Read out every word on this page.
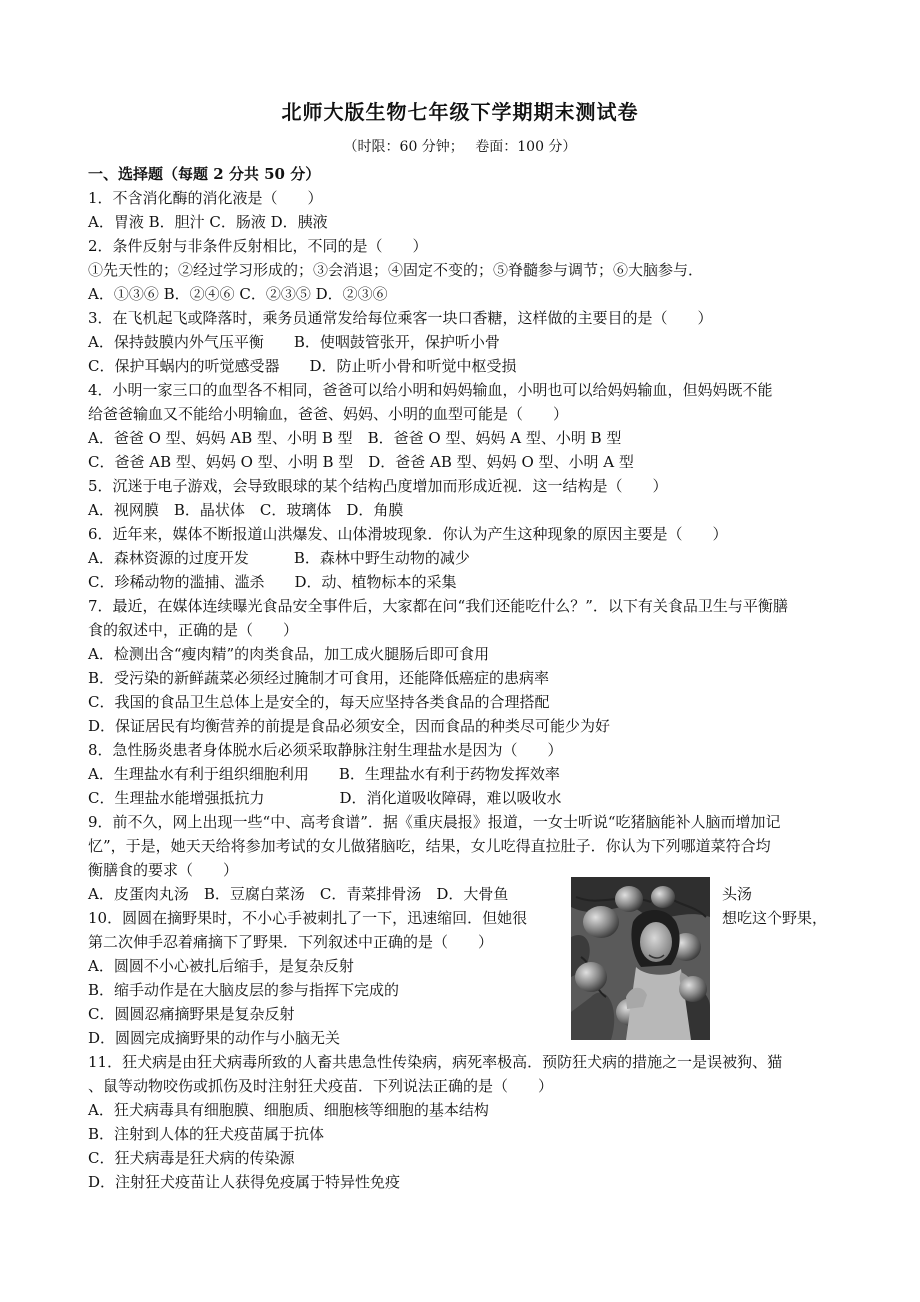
北师大版生物七年级下学期期末测试卷
（时限：60 分钟；　 卷面：100 分）
一、选择题（每题 2 分共 50 分）
1．不含消化酶的消化液是（　　）
A．胃液 B．胆汁 C．肠液 D．胰液
2．条件反射与非条件反射相比，不同的是（　　）
①先天性的；②经过学习形成的；③会消退；④固定不变的；⑤脊髓参与调节；⑥大脑参与．
A．①③⑥ B．②④⑥ C．②③⑤ D．②③⑥
3．在飞机起飞或降落时，乘务员通常发给每位乘客一块口香糖，这样做的主要目的是（　　）
A．保持鼓膜内外气压平衡　　B．使咽鼓管张开，保护听小骨
C．保护耳蜗内的听觉感受器　　D．防止听小骨和听觉中枢受损
4．小明一家三口的血型各不相同，爸爸可以给小明和妈妈输血，小明也可以给妈妈输血，但妈妈既不能
给爸爸输血又不能给小明输血，爸爸、妈妈、小明的血型可能是（　　）
A．爸爸 O 型、妈妈 AB 型、小明 B 型　B．爸爸 O 型、妈妈 A 型、小明 B 型
C．爸爸 AB 型、妈妈 O 型、小明 B 型　D．爸爸 AB 型、妈妈 O 型、小明 A 型
5．沉迷于电子游戏，会导致眼球的某个结构凸度增加而形成近视．这一结构是（　　）
A．视网膜　B．晶状体　C．玻璃体　D．角膜
6．近年来，媒体不断报道山洪爆发、山体滑坡现象．你认为产生这种现象的原因主要是（　　）
A．森林资源的过度开发　　　B．森林中野生动物的减少
C．珍稀动物的滥捕、滥杀　　D．动、植物标本的采集
7．最近，在媒体连续曝光食品安全事件后，大家都在问“我们还能吃什么？”．以下有关食品卫生与平衡膳
食的叙述中，正确的是（　　）
A．检测出含“瘦肉精”的肉类食品，加工成火腿肠后即可食用
B．受污染的新鲜蔬菜必须经过腌制才可食用，还能降低癌症的患病率
C．我国的食品卫生总体上是安全的，每天应坚持各类食品的合理搭配
D．保证居民有均衡营养的前提是食品必须安全，因而食品的种类尽可能少为好
8．急性肠炎患者身体脱水后必须采取静脉注射生理盐水是因为（　　）
A．生理盐水有利于组织细胞利用　　B．生理盐水有利于药物发挥效率
C．生理盐水能增强抵抗力　　　　　D．消化道吸收障碍，难以吸收水
9．前不久，网上出现一些“中、高考食谱”．据《重庆晨报》报道，一女士听说“吃猪脑能补人脑而增加记
忆”，于是，她天天给将参加考试的女儿做猪脑吃，结果，女儿吃得直拉肚子．你认为下列哪道菜符合均
衡膳食的要求（　　）
A．皮蛋肉丸汤　B．豆腐白菜汤　C．青菜排骨汤　D．大骨鱼	头汤
10．圆圆在摘野果时，不小心手被刺扎了一下，迅速缩回．但她很	想吃这个野果，
第二次伸手忍着痛摘下了野果．下列叙述中正确的是（　　）
A．圆圆不小心被扎后缩手，是复杂反射
B．缩手动作是在大脑皮层的参与指挥下完成的
C．圆圆忍痛摘野果是复杂反射
D．圆圆完成摘野果的动作与小脑无关
11．狂犬病是由狂犬病毒所致的人畜共患急性传染病，病死率极高．预防狂犬病的措施之一是误被狗、猫
、鼠等动物咬伤或抓伤及时注射狂犬疫苗．下列说法正确的是（　　）
A．狂犬病毒具有细胞膜、细胞质、细胞核等细胞的基本结构
B．注射到人体的狂犬疫苗属于抗体
C．狂犬病毒是狂犬病的传染源
D．注射狂犬疫苗让人获得免疫属于特异性免疫
